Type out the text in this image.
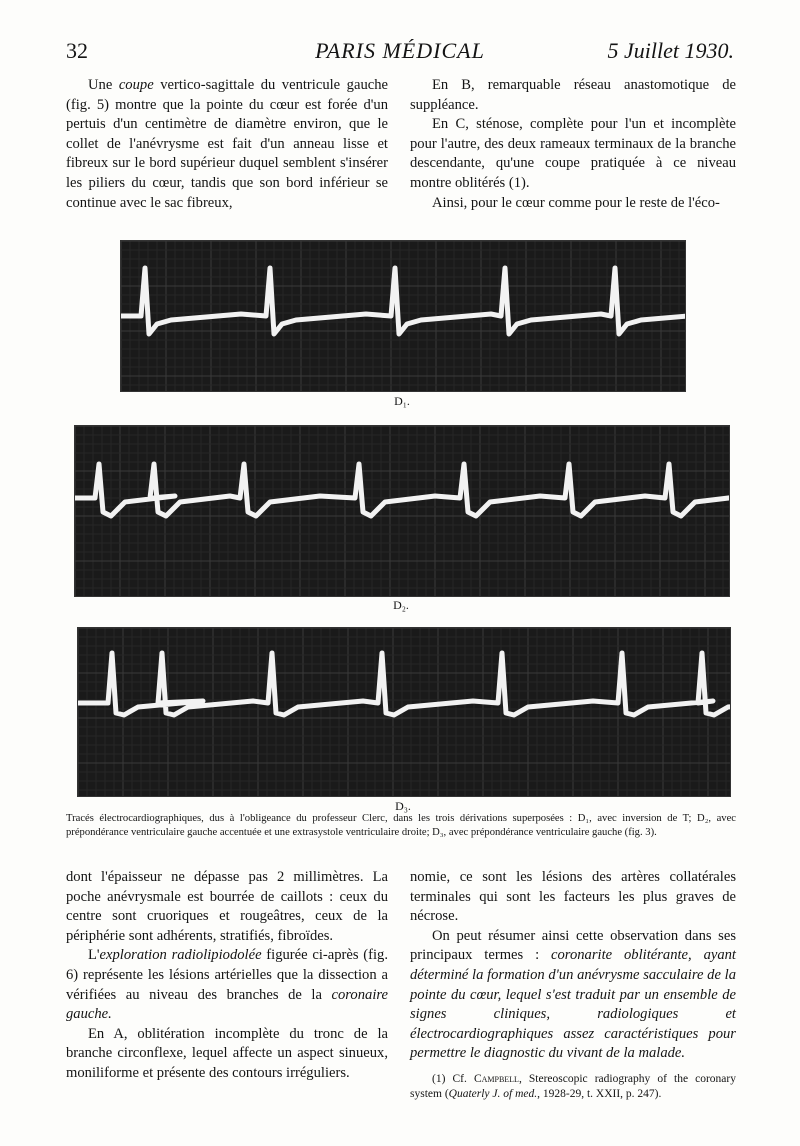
32	PARIS MÉDICAL	5 Juillet 1930.

Une coupe vertico-sagittale du ventricule gauche (fig. 5) montre que la pointe du cœur est forée d'un pertuis d'un centimètre de diamètre environ, que le collet de l'anévrysme est fait d'un anneau lisse et fibreux sur le bord supérieur duquel semblent s'insérer les piliers du cœur, tandis que son bord inférieur se continue avec le sac fibreux,

En B, remarquable réseau anastomotique de suppléance.

En C, sténose, complète pour l'un et incomplète pour l'autre, des deux rameaux terminaux de la branche descendante, qu'une coupe pratiquée à ce niveau montre oblitérés (1).

Ainsi, pour le cœur comme pour le reste de l'éco-

D₁.
D₂.
D₃.
Tracés électrocardiographiques, dus à l'obligeance du professeur Clerc, dans les trois dérivations superposées : D₁, avec inversion de T; D₂, avec prépondérance ventriculaire gauche accentuée et une extrasystole ventriculaire droite; D₃, avec prépondérance ventriculaire gauche (fig. 3).

dont l'épaisseur ne dépasse pas 2 millimètres. La poche anévrysmale est bourrée de caillots : ceux du centre sont cruoriques et rougeâtres, ceux de la périphérie sont adhérents, stratifiés, fibroïdes.

L'exploration radiolipiodolée figurée ci-après (fig. 6) représente les lésions artérielles que la dissection a vérifiées au niveau des branches de la coronaire gauche.

En A, oblitération incomplète du tronc de la branche circonflexe, lequel affecte un aspect sinueux, moniliforme et présente des contours irréguliers.

nomie, ce sont les lésions des artères collatérales terminales qui sont les facteurs les plus graves de nécrose.

On peut résumer ainsi cette observation dans ses principaux termes : coronarite oblitérante, ayant déterminé la formation d'un anévrysme sacculaire de la pointe du cœur, lequel s'est traduit par un ensemble de signes cliniques, radiologiques et électrocardiographiques assez caractéristiques pour permettre le diagnostic du vivant de la malade.

(1) Cf. Campbell, Stereoscopic radiography of the coronary system (Quaterly J. of med., 1928-29, t. XXII, p. 247).
